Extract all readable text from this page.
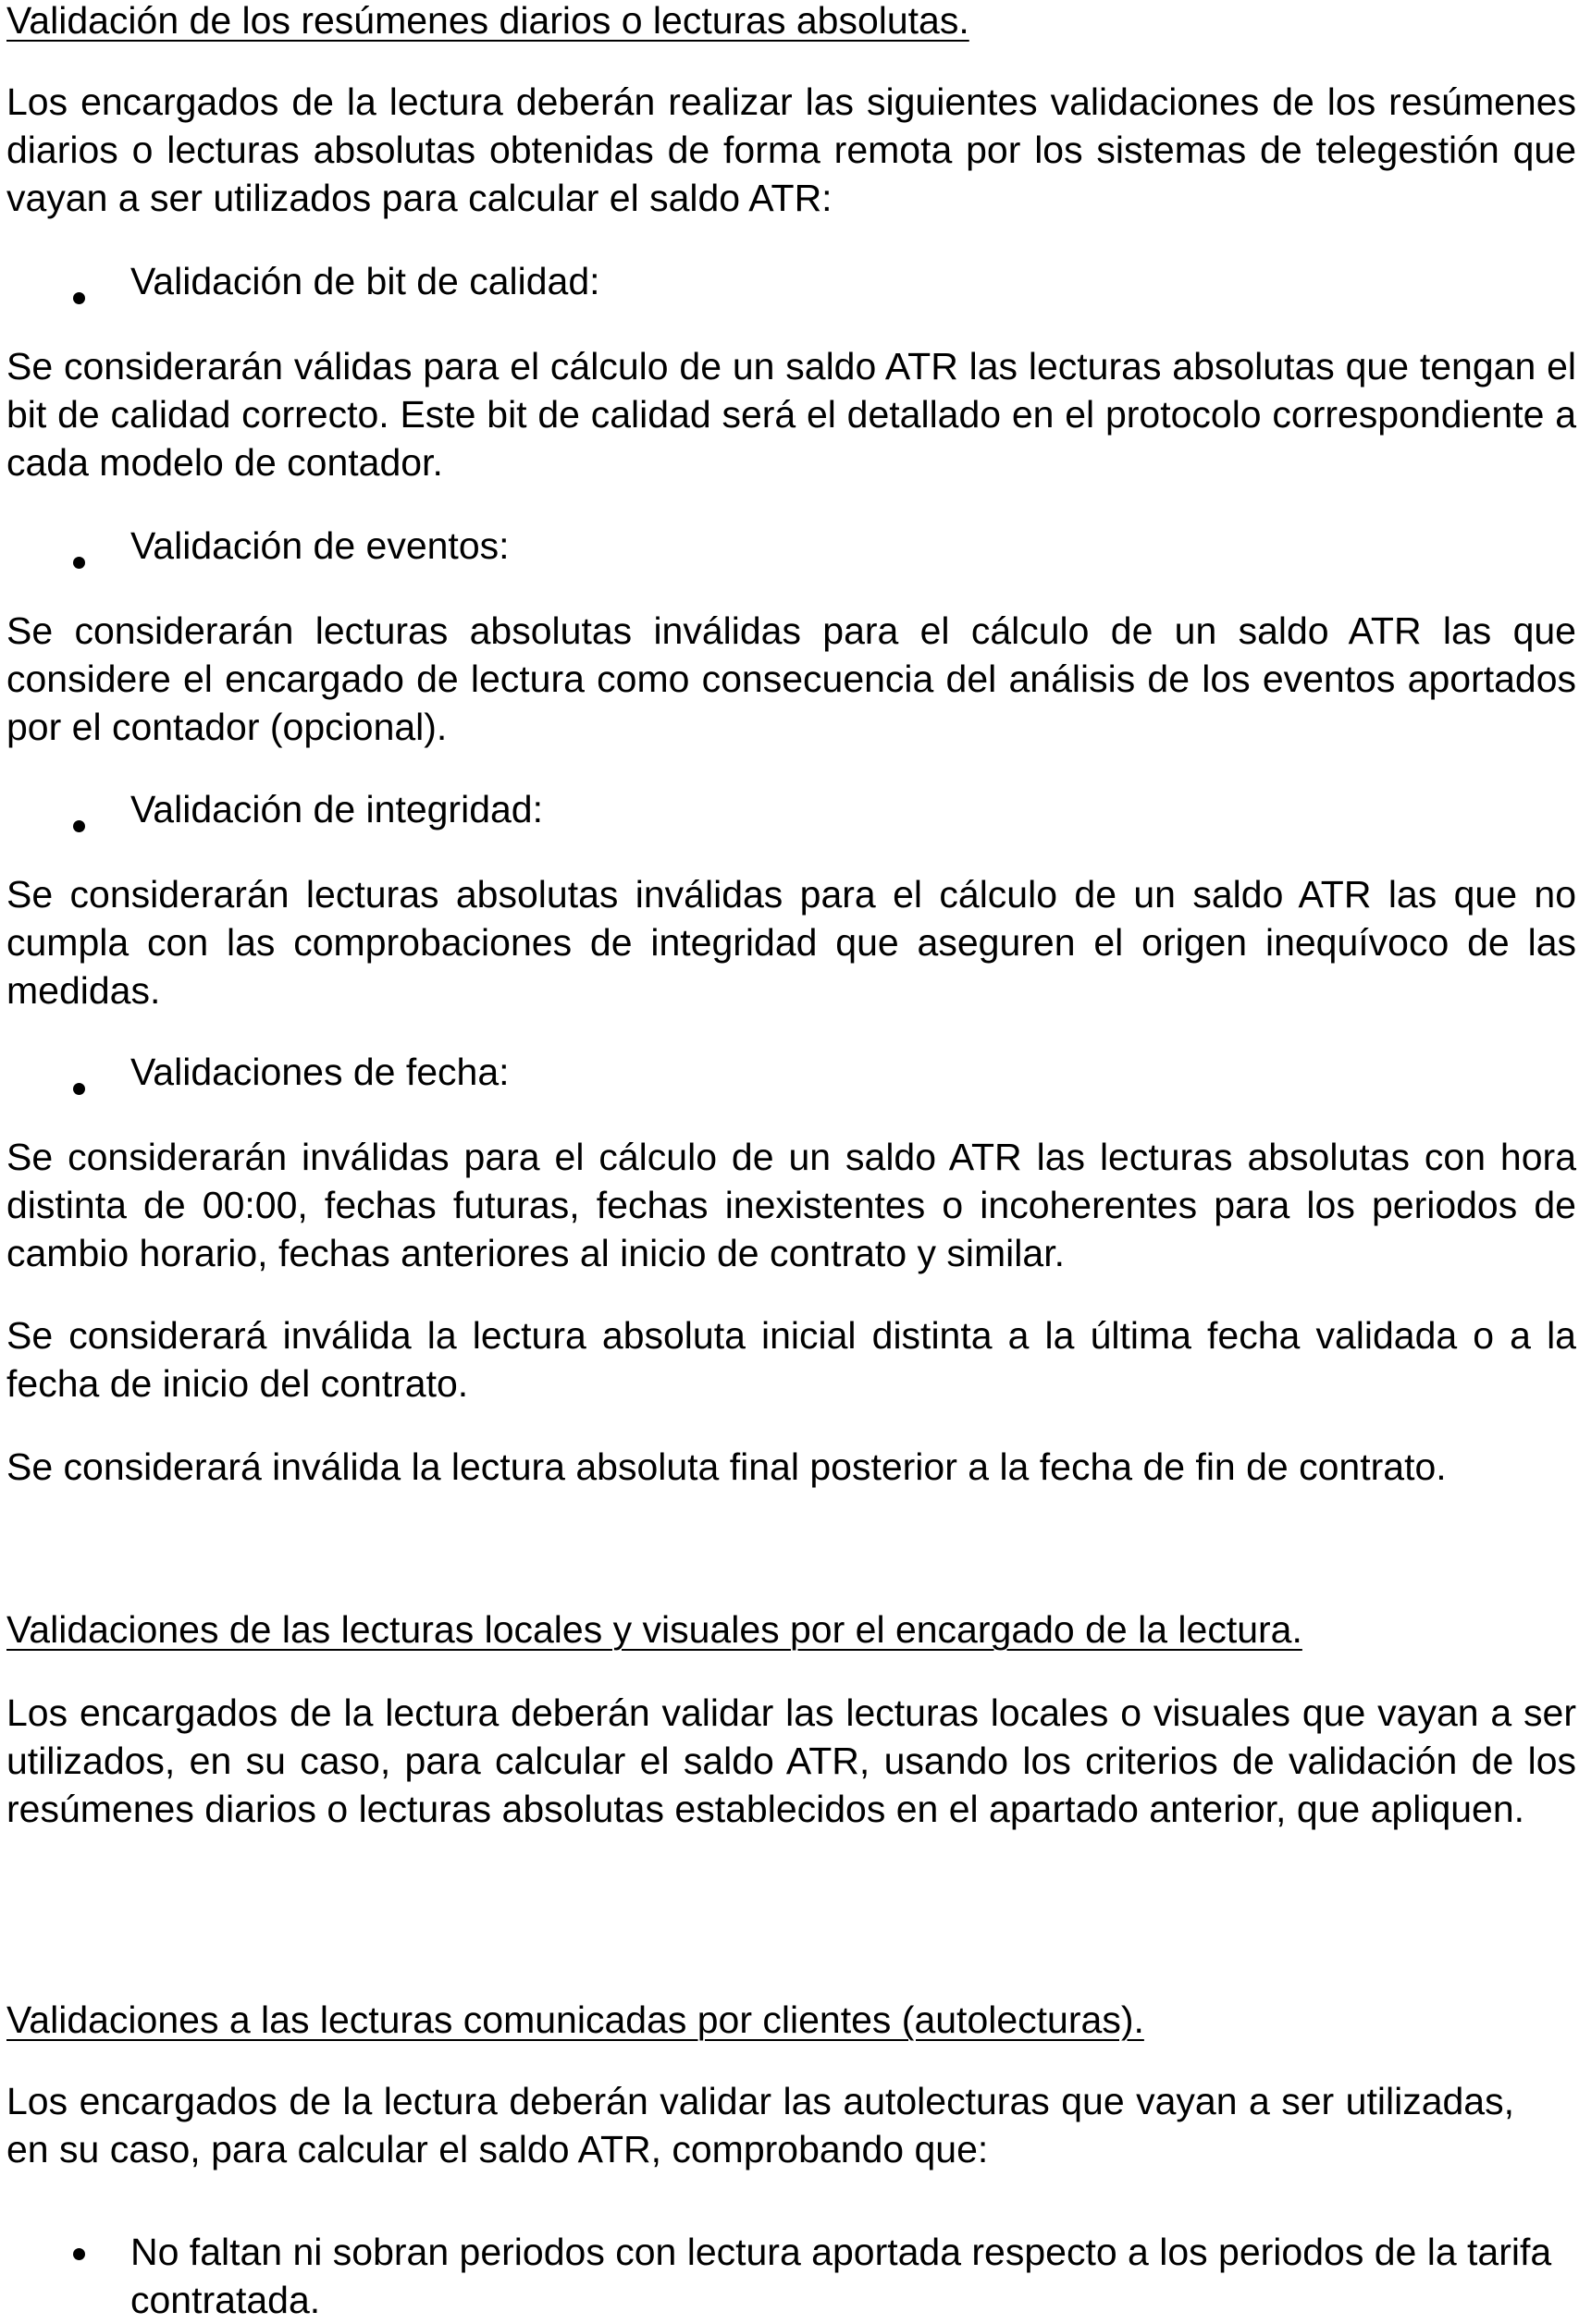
Validación de los resúmenes diarios o lecturas absolutas.

Los encargados de la lectura deberán realizar las siguientes validaciones de los resúmenes diarios o lecturas absolutas obtenidas de forma remota por los sistemas de telegestión que vayan a ser utilizados para calcular el saldo ATR:

Validación de bit de calidad:

Se considerarán válidas para el cálculo de un saldo ATR las lecturas absolutas que tengan el bit de calidad correcto. Este bit de calidad será el detallado en el protocolo correspondiente a cada modelo de contador.

Validación de eventos:

Se considerarán lecturas absolutas inválidas para el cálculo de un saldo ATR las que considere el encargado de lectura como consecuencia del análisis de los eventos aportados por el contador (opcional).

Validación de integridad:

Se considerarán lecturas absolutas inválidas para el cálculo de un saldo ATR las que no cumpla con las comprobaciones de integridad que aseguren el origen inequívoco de las medidas.

Validaciones de fecha:

Se considerarán inválidas para el cálculo de un saldo ATR las lecturas absolutas con hora distinta de 00:00, fechas futuras, fechas inexistentes o incoherentes para los periodos de cambio horario, fechas anteriores al inicio de contrato y similar.

Se considerará inválida la lectura absoluta inicial distinta a la última fecha validada o a la fecha de inicio del contrato.

Se considerará inválida la lectura absoluta final posterior a la fecha de fin de contrato.

Validaciones de las lecturas locales y visuales por el encargado de la lectura.

Los encargados de la lectura deberán validar las lecturas locales o visuales que vayan a ser utilizados, en su caso, para calcular el saldo ATR, usando los criterios de validación de los resúmenes diarios o lecturas absolutas establecidos en el apartado anterior, que apliquen.

Validaciones a las lecturas comunicadas por clientes (autolecturas).

Los encargados de la lectura deberán validar las autolecturas que vayan a ser utilizadas, en su caso, para calcular el saldo ATR, comprobando que:

No faltan ni sobran periodos con lectura aportada respecto a los periodos de la tarifa contratada.
